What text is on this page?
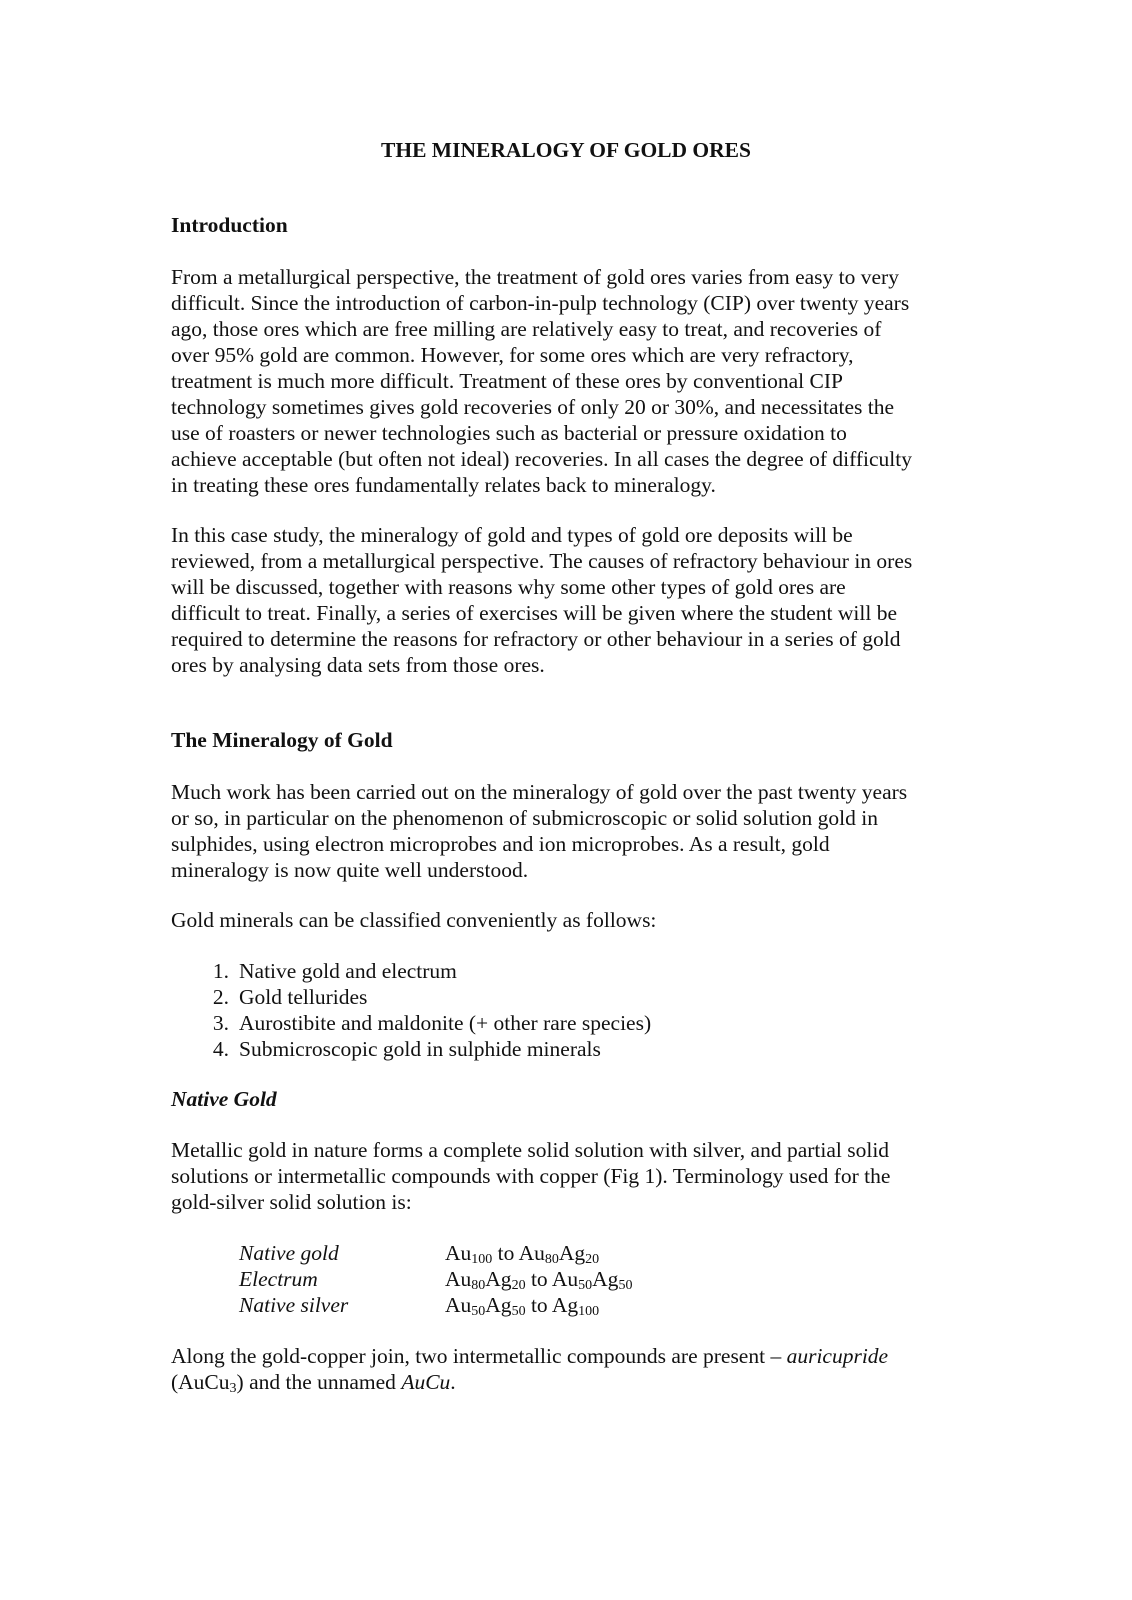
THE MINERALOGY OF GOLD ORES
Introduction

From a metallurgical perspective, the treatment of gold ores varies from easy to very

difficult. Since the introduction of carbon-in-pulp technology (CIP) over twenty years

ago, those ores which are free milling are relatively easy to treat, and recoveries of

over 95% gold are common. However, for some ores which are very refractory,

treatment is much more difficult. Treatment of these ores by conventional CIP

technology sometimes gives gold recoveries of only 20 or 30%, and necessitates the

use of roasters or newer technologies such as bacterial or pressure oxidation to

achieve acceptable (but often not ideal) recoveries. In all cases the degree of difficulty

in treating these ores fundamentally relates back to mineralogy.

In this case study, the mineralogy of gold and types of gold ore deposits will be

reviewed, from a metallurgical perspective. The causes of refractory behaviour in ores

will be discussed, together with reasons why some other types of gold ores are

difficult to treat. Finally, a series of exercises will be given where the student will be

required to determine the reasons for refractory or other behaviour in a series of gold

ores by analysing data sets from those ores.

The Mineralogy of Gold

Much work has been carried out on the mineralogy of gold over the past twenty years

or so, in particular on the phenomenon of submicroscopic or solid solution gold in

sulphides, using electron microprobes and ion microprobes. As a result, gold

mineralogy is now quite well understood.

Gold minerals can be classified conveniently as follows:

1. Native gold and electrum
2. Gold tellurides
3. Aurostibite and maldonite (+ other rare species)
4. Submicroscopic gold in sulphide minerals
Native Gold

Metallic gold in nature forms a complete solid solution with silver, and partial solid

solutions or intermetallic compounds with copper (Fig 1). Terminology used for the

gold-silver solid solution is:

Native gold	$Au_{100}$ to $Au_{80}Ag_{20}$
Electrum	$Au_{80}Ag_{20}$ to $Au_{50}Ag_{50}$
Native silver	$Au_{50}Ag_{50}$ to $Ag_{100}$

Along the gold-copper join, two intermetallic compounds are present – auricupride

(AuCu$_3$) and the unnamed AuCu.
